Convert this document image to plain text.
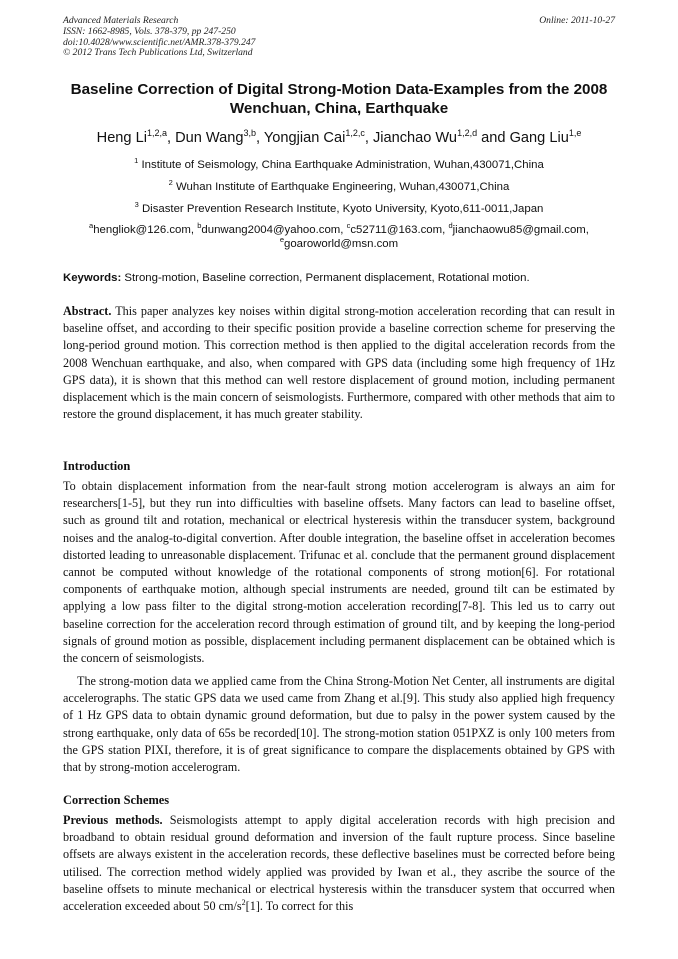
Advanced Materials Research
ISSN: 1662-8985, Vols. 378-379, pp 247-250
doi:10.4028/www.scientific.net/AMR.378-379.247
© 2012 Trans Tech Publications Ltd, Switzerland
Online: 2011-10-27
Baseline Correction of Digital Strong-Motion Data-Examples from the 2008 Wenchuan, China, Earthquake
Heng Li$^{1,2,a}$, Dun Wang$^{3,b}$, Yongjian Cai$^{1,2,c}$, Jianchao Wu$^{1,2,d}$ and Gang Liu$^{1,e}$
$^1$ Institute of Seismology, China Earthquake Administration, Wuhan,430071,China
$^2$ Wuhan Institute of Earthquake Engineering, Wuhan,430071,China
$^3$ Disaster Prevention Research Institute, Kyoto University, Kyoto,611-0011,Japan
$^a$hengliok@126.com, $^b$dunwang2004@yahoo.com, $^c$c52711@163.com, $^d$jianchaowu85@gmail.com,
$^e$goaroworld@msn.com
Keywords: Strong-motion, Baseline correction, Permanent displacement, Rotational motion.
Abstract. This paper analyzes key noises within digital strong-motion acceleration recording that can result in baseline offset, and according to their specific position provide a baseline correction scheme for preserving the long-period ground motion. This correction method is then applied to the digital acceleration records from the 2008 Wenchuan earthquake, and also, when compared with GPS data (including some high frequency of 1Hz GPS data), it is shown that this method can well restore displacement of ground motion, including permanent displacement which is the main concern of seismologists. Furthermore, compared with other methods that aim to restore the ground displacement, it has much greater stability.
Introduction
To obtain displacement information from the near-fault strong motion accelerogram is always an aim for researchers[1-5], but they run into difficulties with baseline offsets. Many factors can lead to baseline offset, such as ground tilt and rotation, mechanical or electrical hysteresis within the transducer system, background noises and the analog-to-digital convertion. After double integration, the baseline offset in acceleration becomes distorted leading to unreasonable displacement. Trifunac et al. conclude that the permanent ground displacement cannot be computed without knowledge of the rotational components of strong motion[6]. For rotational components of earthquake motion, although special instruments are needed, ground tilt can be estimated by applying a low pass filter to the digital strong-motion acceleration recording[7-8]. This led us to carry out baseline correction for the acceleration record through estimation of ground tilt, and by keeping the long-period signals of ground motion as possible, displacement including permanent displacement can be obtained which is the concern of seismologists.
The strong-motion data we applied came from the China Strong-Motion Net Center, all instruments are digital accelerographs. The static GPS data we used came from Zhang et al.[9]. This study also applied high frequency of 1 Hz GPS data to obtain dynamic ground deformation, but due to palsy in the power system caused by the strong earthquake, only data of 65s be recorded[10]. The strong-motion station 051PXZ is only 100 meters from the GPS station PIXI, therefore, it is of great significance to compare the displacements obtained by GPS with that by strong-motion accelerogram.
Correction Schemes
Previous methods. Seismologists attempt to apply digital acceleration records with high precision and broadband to obtain residual ground deformation and inversion of the fault rupture process. Since baseline offsets are always existent in the acceleration records, these deflective baselines must be corrected before being utilised. The correction method widely applied was provided by Iwan et al., they ascribe the source of the baseline offsets to minute mechanical or electrical hysteresis within the transducer system that occurred when acceleration exceeded about 50 $cm/s^2[1]$. To correct for this
